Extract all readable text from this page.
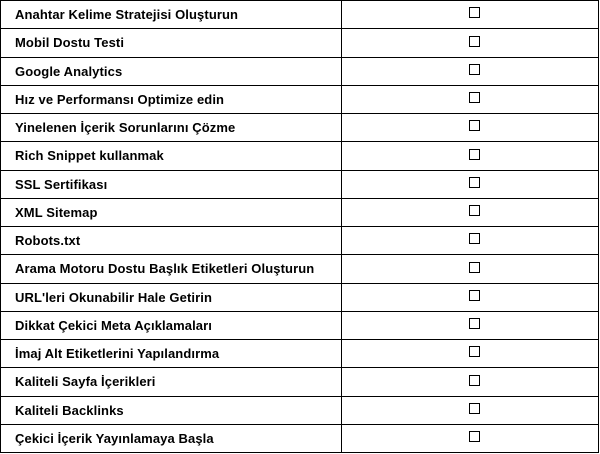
Anahtar Kelime Stratejisi Oluşturun	
Mobil Dostu Testi	
Google Analytics	
Hız ve Performansı Optimize edin	
Yinelenen İçerik Sorunlarını Çözme	
Rich Snippet kullanmak	
SSL Sertifikası	
XML Sitemap	
Robots.txt	
Arama Motoru Dostu Başlık Etiketleri Oluşturun	
URL'leri Okunabilir Hale Getirin	
Dikkat Çekici Meta Açıklamaları	
İmaj Alt Etiketlerini Yapılandırma	
Kaliteli Sayfa İçerikleri	
Kaliteli Backlinks	
Çekici İçerik Yayınlamaya Başla	
